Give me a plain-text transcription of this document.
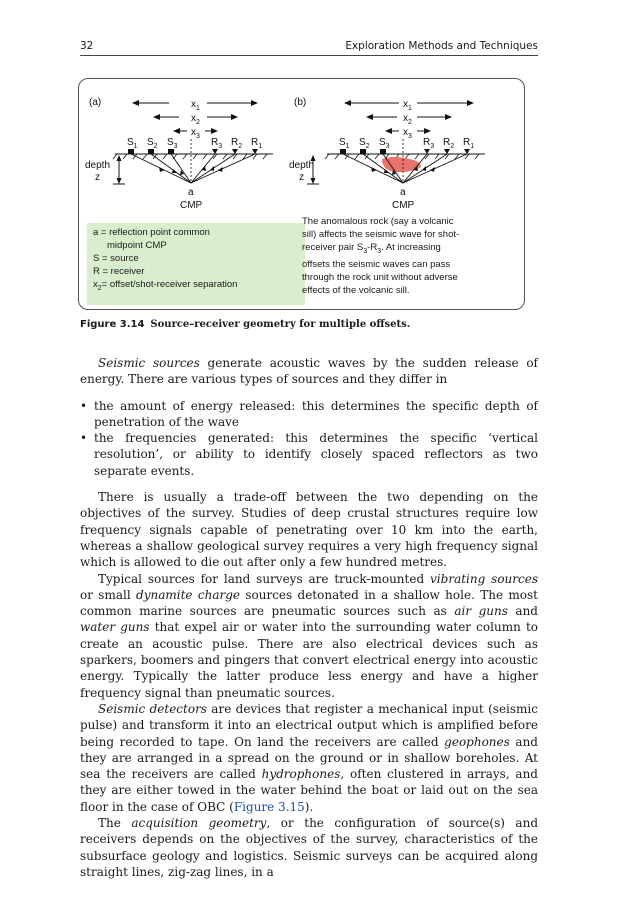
32	Exploration Methods and Techniques
(a)	$x_1$
$x_2$
$x_3$
$S_1$ $S_2$ $S_3$	$R_3$ $R_2$ $R_1$
depth
z
a
CMP
(b)	$x_1$
$x_2$
$x_3$
$S_1$ $S_2$ $S_3$	$R_3$ $R_2$ $R_1$
depth
z
a
CMP
a = reflection point common
midpoint CMP
S = source
R = receiver
$x_2=$ offset/shot-receiver separation
The anomalous rock (say a volcanic
sill) affects the seismic wave for shot-
receiver pair $S_3-R_3$. At increasing
offsets the seismic waves can pass
through the rock unit without adverse
effects of the volcanic sill.
Figure 3.14 Source–receiver geometry for multiple offsets.

Seismic sources generate acoustic waves by the sudden release of energy. There are various types of sources and they differ in

• the amount of energy released: this determines the specific depth of penetration of the wave
• the frequencies generated: this determines the specific ‘vertical resolution’, or ability to identify closely spaced reflectors as two separate events.

There is usually a trade-off between the two depending on the objectives of the survey. Studies of deep crustal structures require low frequency signals capable of penetrating over 10 km into the earth, whereas a shallow geological survey requires a very high frequency signal which is allowed to die out after only a few hundred metres.

Typical sources for land surveys are truck-mounted vibrating sources or small dynamite charge sources detonated in a shallow hole. The most common marine sources are pneumatic sources such as air guns and water guns that expel air or water into the surrounding water column to create an acoustic pulse. There are also electrical devices such as sparkers, boomers and pingers that convert electrical energy into acoustic energy. Typically the latter produce less energy and have a higher frequency signal than pneumatic sources.

Seismic detectors are devices that register a mechanical input (seismic pulse) and transform it into an electrical output which is amplified before being recorded to tape. On land the receivers are called geophones and they are arranged in a spread on the ground or in shallow boreholes. At sea the receivers are called hydrophones, often clustered in arrays, and they are either towed in the water behind the boat or laid out on the sea floor in the case of OBC (Figure 3.15).

The acquisition geometry, or the configuration of source(s) and receivers depends on the objectives of the survey, characteristics of the subsurface geology and logistics. Seismic surveys can be acquired along straight lines, zig-zag lines, in a
